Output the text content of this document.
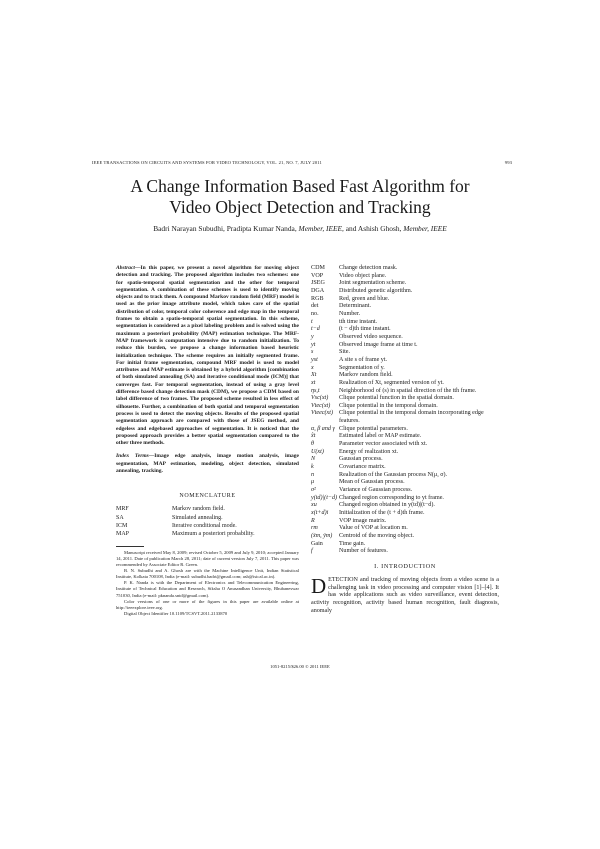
IEEE TRANSACTIONS ON CIRCUITS AND SYSTEMS FOR VIDEO TECHNOLOGY, VOL. 21, NO. 7, JULY 2011	993
A Change Information Based Fast Algorithm for
Video Object Detection and Tracking
Badri Narayan Subudhi, Pradipta Kumar Nanda, Member, IEEE, and Ashish Ghosh, Member, IEEE

Abstract—In this paper, we present a novel algorithm for moving object detection and tracking. The proposed algorithm includes two schemes: one for spatio-temporal spatial segmentation and the other for temporal segmentation. A combination of these schemes is used to identify moving objects and to track them. A compound Markov random field (MRF) model is used as the prior image attribute model, which takes care of the spatial distribution of color, temporal color coherence and edge map in the temporal frames to obtain a spatio-temporal spatial segmentation. In this scheme, segmentation is considered as a pixel labeling problem and is solved using the maximum a posteriori probability (MAP) estimation technique. The MRF-MAP framework is computation intensive due to random initialization. To reduce this burden, we propose a change information based heuristic initialization technique. The scheme requires an initially segmented frame. For initial frame segmentation, compound MRF model is used to model attributes and MAP estimate is obtained by a hybrid algorithm [combination of both simulated annealing (SA) and iterative conditional mode (ICM)] that converges fast. For temporal segmentation, instead of using a gray level difference based change detection mask (CDM), we propose a CDM based on label difference of two frames. The proposed scheme resulted in less effect of silhouette. Further, a combination of both spatial and temporal segmentation process is used to detect the moving objects. Results of the proposed spatial segmentation approach are compared with those of JSEG method, and edgeless and edgebased approaches of segmentation. It is noticed that the proposed approach provides a better spatial segmentation compared to the other three methods.

Index Terms—Image edge analysis, image motion analysis, image segmentation, MAP estimation, modeling, object detection, simulated annealing, tracking.

NOMENCLATURE
MRF	Markov random field.
SA	Simulated annealing.
ICM	Iterative conditional mode.
MAP	Maximum a posteriori probability.

Manuscript received May 8, 2009; revised October 5, 2009 and July 9, 2010; accepted January 14, 2011. Date of publication March 28, 2011; date of current version July 7, 2011. This paper was recommended by Associate Editor R. Green.

B. N. Subudhi and A. Ghosh are with the Machine Intelligence Unit, Indian Statistical Institute, Kolkata 700108, India (e-mail: subudhi.badri@gmail.com; ash@isical.ac.in).

P. K. Nanda is with the Department of Electronics and Telecommunication Engineering, Institute of Technical Education and Research, Siksha O Anusandhan University, Bhubaneswar 751030, India (e-mail: pknanda.sntd@gmail.com).

Color versions of one or more of the figures in this paper are available online at http://ieeexplore.ieee.org.

Digital Object Identifier 10.1109/TCSVT.2011.2133870

CDM	Change detection mask.
VOP	Video object plane.
JSEG	Joint segmentation scheme.
DGA	Distributed genetic algorithm.
RGB	Red, green and blue.
det	Determinant.
no.	Number.
t	tth time instant.
t−d	(t − d)th time instant.
y	Observed video sequence.
yt	Observed image frame at time t.
s	Site.
yst	A site s of frame yt.
x	Segmentation of y.
Xt	Markov random field.
xt	Realization of Xt, segmented version of yt.
ηs,t	Neighborhood of (s) in spatial direction of the tth frame.
Vsc(xt)	Clique potential function in the spatial domain.
Vtec(xt)	Clique potential in the temporal domain.
Vteec(xt)	Clique potential in the temporal domain incorporating edge features.
α, β and γ	Clique potential parameters.
x̂t	Estimated label or MAP estimate.
θ	Parameter vector associated with xt.
U(xt)	Energy of realization xt.
N	Gaussian process.
k	Covariance matrix.
n	Realization of the Gaussian process N(μ, σ).
μ	Mean of Gaussian process.
σ²	Variance of Gaussian process.
y(td)|(t−d)	Changed region corresponding to yt frame.
xu	Changed region obtained in y(td)|(t−d).
x(t+d)i	Initialization of the (t + d)th frame.
R	VOP image matrix.
rm	Value of VOP at location m.
(x̄m, ȳm)	Centroid of the moving object.
Gain	Time gain.
f	Number of features.
I. INTRODUCTION
DETECTION and tracking of moving objects from a video scene is a challenging task in video processing and computer vision [1]–[4]. It has wide applications such as video surveillance, event detection, activity recognition, activity based human recognition, fault diagnosis, anomaly
1051-8215/$26.00 © 2011 IEEE
